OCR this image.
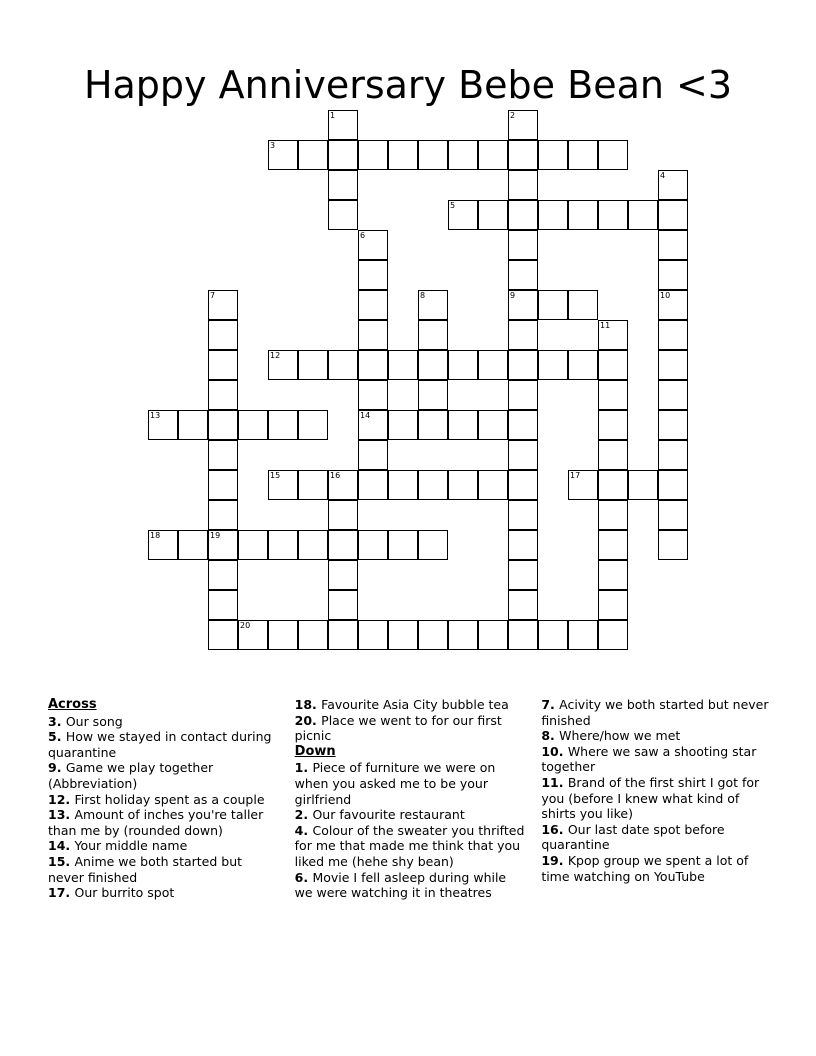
Happy Anniversary Bebe Bean <3
1	2
3
4
5
6
7	8	9	10
11
12
13	14
15	16	17
18	19
20
Across

3. Our song

5. How we stayed in contact during quarantine

9. Game we play together (Abbreviation)

12. First holiday spent as a couple

13. Amount of inches you're taller than me by (rounded down)

14. Your middle name

15. Anime we both started but never finished

17. Our burrito spot

18. Favourite Asia City bubble tea

20. Place we went to for our first picnic

Down

1. Piece of furniture we were on when you asked me to be your girlfriend

2. Our favourite restaurant

4. Colour of the sweater you thrifted for me that made me think that you liked me (hehe shy bean)

6. Movie I fell asleep during while we were watching it in theatres

7. Acivity we both started but never finished

8. Where/how we met

10. Where we saw a shooting star together

11. Brand of the first shirt I got for you (before I knew what kind of shirts you like)

16. Our last date spot before quarantine

19. Kpop group we spent a lot of time watching on YouTube
